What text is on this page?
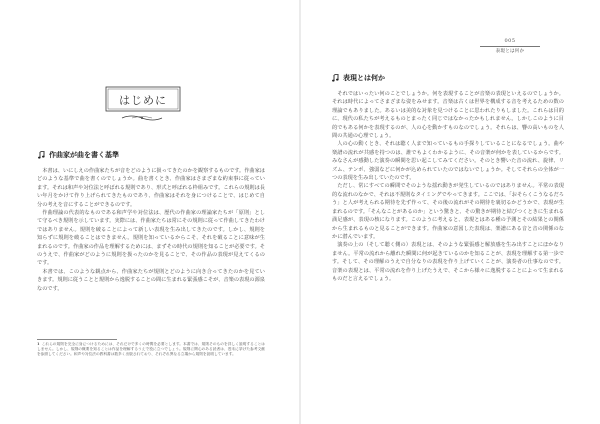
はじめに
作曲家が曲を書く基準

本書は、いにしえの作曲家たちが音をどのように扱ってきたのかを観察するものです。作曲家はどのような基準で曲を書くのでしょうか。曲を書くとき、作曲家はさまざまな約束事に従っています。それは和声や対位法と呼ばれる規則であり、形式と呼ばれる枠組みです。これらの規則は長い年月をかけて作り上げられてきたものであり、作曲家はそれを身につけることで、はじめて自分の考えを音にすることができるのです。

作曲理論の代表的なものである和声学や対位法は、歴代の作曲家の理論家たちが「原則」として守るべき規則を示しています。実際には、作曲家たちは常にその規則に従って作曲してきたわけではありません。規則を破ることによって新しい表現を生み出してきたのです。しかし、規則を知らずに規則を破ることはできません。規則を知っているからこそ、それを破ることに意味が生まれるのです。作曲家の作品を理解するためには、まずその時代の規則を知ることが必要です。そのうえで、作曲家がどのように規則を扱ったのかを見ることで、その作品の表現が見えてくるのです。

本書では、このような観点から、作曲家たちが規則とどのように向き合ってきたのかを見ていきます。規則に従うことと規則から逸脱することの間に生まれる緊張感こそが、音楽の表現の源泉なのです。

1 これらの規則を完全に身につけるためには、それだけで多くの時間を必要とします。本書では、規則そのものを詳しく説明することはしません。しかし、規則の概要を知ることは作品を理解するうえで役に立つでしょう。規則に関心のある読者は、巻末に挙げた参考文献を参照してください。和声や対位法の教科書は数多く出版されており、それぞれ異なる立場から規則を説明しています。
005
表現とは何か
表現とは何か

それではいったい何のことでしょうか。何を表現することが音楽の表現といえるのでしょうか。それは時代によってさまざまな姿をみせます。音楽は古くは世界を構成する音を考えるための数の理論でもありました。あるいは美的な対象を見つけることに思われたりもしました。これらは目的に、現代の私たちが考えるものとまったく同じではなかったかもしれません。しかしこのように目的でもある何かを表現するのが、人の心を動かすものなのでしょう。それらは、響の高いものを人間の共通の心理でしょう。

人の心の動くとき、それは聴く人まで知っているもの手探りしていることになるでしょう。曲や楽譜の流れが共感を持つのは、誰でもよくわかるように、その音楽が何かを表しているからです。みなさんが感動した演奏の瞬間を思い起こしてみてください。そのとき響いた音の流れ、旋律、リズム、テンポ、強弱などに何かが込められていたのではないでしょうか。そしてそれらの全体が一つの表現を生み出していたのです。

ただし、常にすべての瞬間でそのような揺れ動きが発生しているのではありません。平常の表現的な流れのなかで、それは不規則なタイミングでやってきます。ここでは、「おそらくこうなるだろう」と人が考えられる期待を先ず作って、その後の流れがその期待を裏切るかどうかで、表現が生まれるのです。「そんなことがあるのか」という驚きと、その驚きが期待と結びつくときに生まれる満足感が、表現の核になります。このように考えると、表現とはある種の予測とその結果との関係から生まれるものと見ることができます。作曲家の意図した表現は、楽譜にある音と音の関係のなかに潜んでいます。

演奏の上の（そして聴く側の）表現とは、そのような緊張感と解放感を生み出すことにほかなりません。平常の流れから離れた瞬間に何が起きているのかを知ることが、表現を理解する第一歩です。そして、その理解のうえで自分なりの表現を作り上げていくことが、演奏者の仕事なのです。音楽の表現とは、平常の流れを作り上げたうえで、そこから様々に逸脱することによって生まれるものだと言えるでしょう。
